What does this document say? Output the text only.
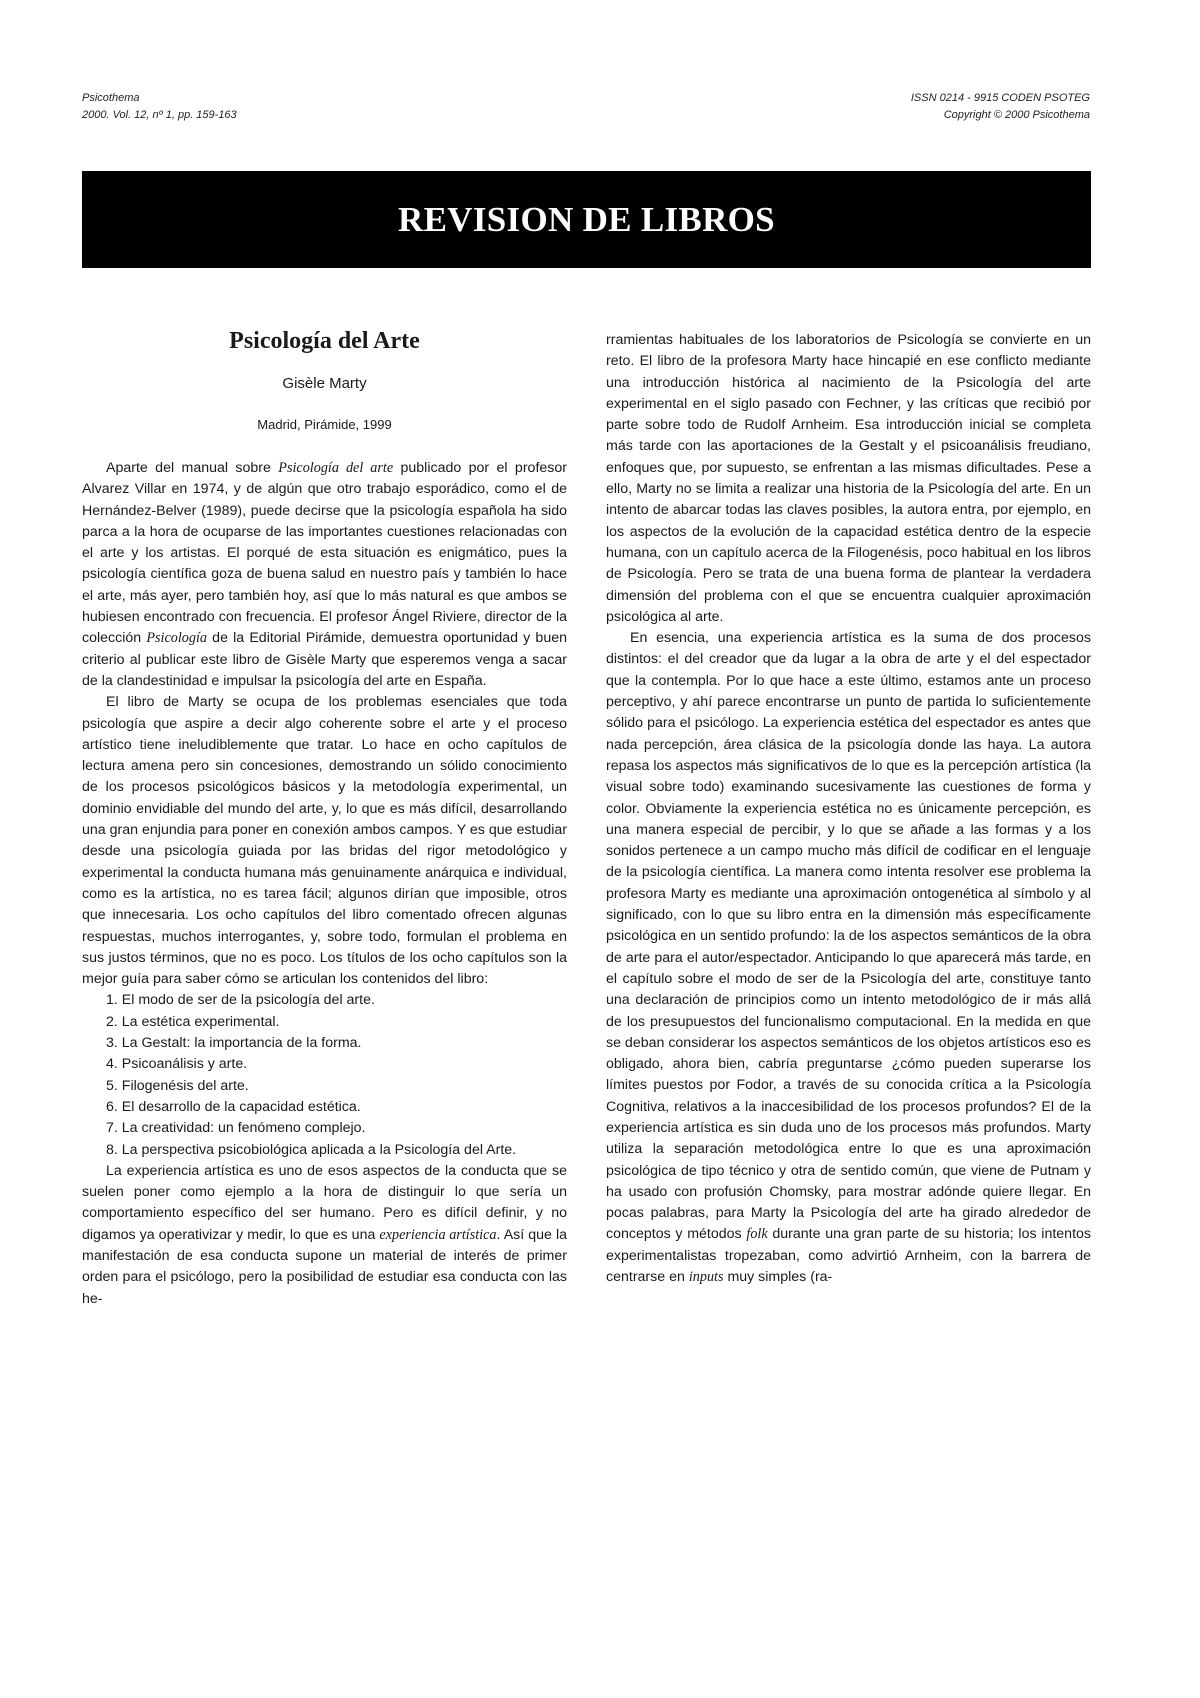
Psicothema
2000. Vol. 12, nº 1, pp. 159-163
ISSN 0214 - 9915 CODEN PSOTEG
Copyright © 2000 Psicothema
REVISION DE LIBROS
Psicología del Arte
Gisèle Marty
Madrid, Pirámide, 1999

Aparte del manual sobre Psicología del arte publicado por el profesor Alvarez Villar en 1974, y de algún que otro trabajo esporádico, como el de Hernández-Belver (1989), puede decirse que la psicología española ha sido parca a la hora de ocuparse de las importantes cuestiones relacionadas con el arte y los artistas. El porqué de esta situación es enigmático, pues la psicología científica goza de buena salud en nuestro país y también lo hace el arte, más ayer, pero también hoy, así que lo más natural es que ambos se hubiesen encontrado con frecuencia. El profesor Ángel Riviere, director de la colección Psicología de la Editorial Pirámide, demuestra oportunidad y buen criterio al publicar este libro de Gisèle Marty que esperemos venga a sacar de la clandestinidad e impulsar la psicología del arte en España.

El libro de Marty se ocupa de los problemas esenciales que toda psicología que aspire a decir algo coherente sobre el arte y el proceso artístico tiene ineludiblemente que tratar. Lo hace en ocho capítulos de lectura amena pero sin concesiones, demostrando un sólido conocimiento de los procesos psicológicos básicos y la metodología experimental, un dominio envidiable del mundo del arte, y, lo que es más difícil, desarrollando una gran enjundia para poner en conexión ambos campos. Y es que estudiar desde una psicología guiada por las bridas del rigor metodológico y experimental la conducta humana más genuinamente anárquica e individual, como es la artística, no es tarea fácil; algunos dirían que imposible, otros que innecesaria. Los ocho capítulos del libro comentado ofrecen algunas respuestas, muchos interrogantes, y, sobre todo, formulan el problema en sus justos términos, que no es poco. Los títulos de los ocho capítulos son la mejor guía para saber cómo se articulan los contenidos del libro:

1. El modo de ser de la psicología del arte.
2. La estética experimental.
3. La Gestalt: la importancia de la forma.
4. Psicoanálisis y arte.
5. Filogenésis del arte.
6. El desarrollo de la capacidad estética.
7. La creatividad: un fenómeno complejo.
8. La perspectiva psicobiológica aplicada a la Psicología del Arte.

La experiencia artística es uno de esos aspectos de la conducta que se suelen poner como ejemplo a la hora de distinguir lo que sería un comportamiento específico del ser humano. Pero es difícil definir, y no digamos ya operativizar y medir, lo que es una experiencia artística. Así que la manifestación de esa conducta supone un material de interés de primer orden para el psicólogo, pero la posibilidad de estudiar esa conducta con las he-

rramientas habituales de los laboratorios de Psicología se convierte en un reto. El libro de la profesora Marty hace hincapié en ese conflicto mediante una introducción histórica al nacimiento de la Psicología del arte experimental en el siglo pasado con Fechner, y las críticas que recibió por parte sobre todo de Rudolf Arnheim. Esa introducción inicial se completa más tarde con las aportaciones de la Gestalt y el psicoanálisis freudiano, enfoques que, por supuesto, se enfrentan a las mismas dificultades. Pese a ello, Marty no se limita a realizar una historia de la Psicología del arte. En un intento de abarcar todas las claves posibles, la autora entra, por ejemplo, en los aspectos de la evolución de la capacidad estética dentro de la especie humana, con un capítulo acerca de la Filogenésis, poco habitual en los libros de Psicología. Pero se trata de una buena forma de plantear la verdadera dimensión del problema con el que se encuentra cualquier aproximación psicológica al arte.

En esencia, una experiencia artística es la suma de dos procesos distintos: el del creador que da lugar a la obra de arte y el del espectador que la contempla. Por lo que hace a este último, estamos ante un proceso perceptivo, y ahí parece encontrarse un punto de partida lo suficientemente sólido para el psicólogo. La experiencia estética del espectador es antes que nada percepción, área clásica de la psicología donde las haya. La autora repasa los aspectos más significativos de lo que es la percepción artística (la visual sobre todo) examinando sucesivamente las cuestiones de forma y color. Obviamente la experiencia estética no es únicamente percepción, es una manera especial de percibir, y lo que se añade a las formas y a los sonidos pertenece a un campo mucho más difícil de codificar en el lenguaje de la psicología científica. La manera como intenta resolver ese problema la profesora Marty es mediante una aproximación ontogenética al símbolo y al significado, con lo que su libro entra en la dimensión más específicamente psicológica en un sentido profundo: la de los aspectos semánticos de la obra de arte para el autor/espectador. Anticipando lo que aparecerá más tarde, en el capítulo sobre el modo de ser de la Psicología del arte, constituye tanto una declaración de principios como un intento metodológico de ir más allá de los presupuestos del funcionalismo computacional. En la medida en que se deban considerar los aspectos semánticos de los objetos artísticos eso es obligado, ahora bien, cabría preguntarse ¿cómo pueden superarse los límites puestos por Fodor, a través de su conocida crítica a la Psicología Cognitiva, relativos a la inaccesibilidad de los procesos profundos? El de la experiencia artística es sin duda uno de los procesos más profundos. Marty utiliza la separación metodológica entre lo que es una aproximación psicológica de tipo técnico y otra de sentido común, que viene de Putnam y ha usado con profusión Chomsky, para mostrar adónde quiere llegar. En pocas palabras, para Marty la Psicología del arte ha girado alrededor de conceptos y métodos folk durante una gran parte de su historia; los intentos experimentalistas tropezaban, como advirtió Arnheim, con la barrera de centrarse en inputs muy simples (ra-
